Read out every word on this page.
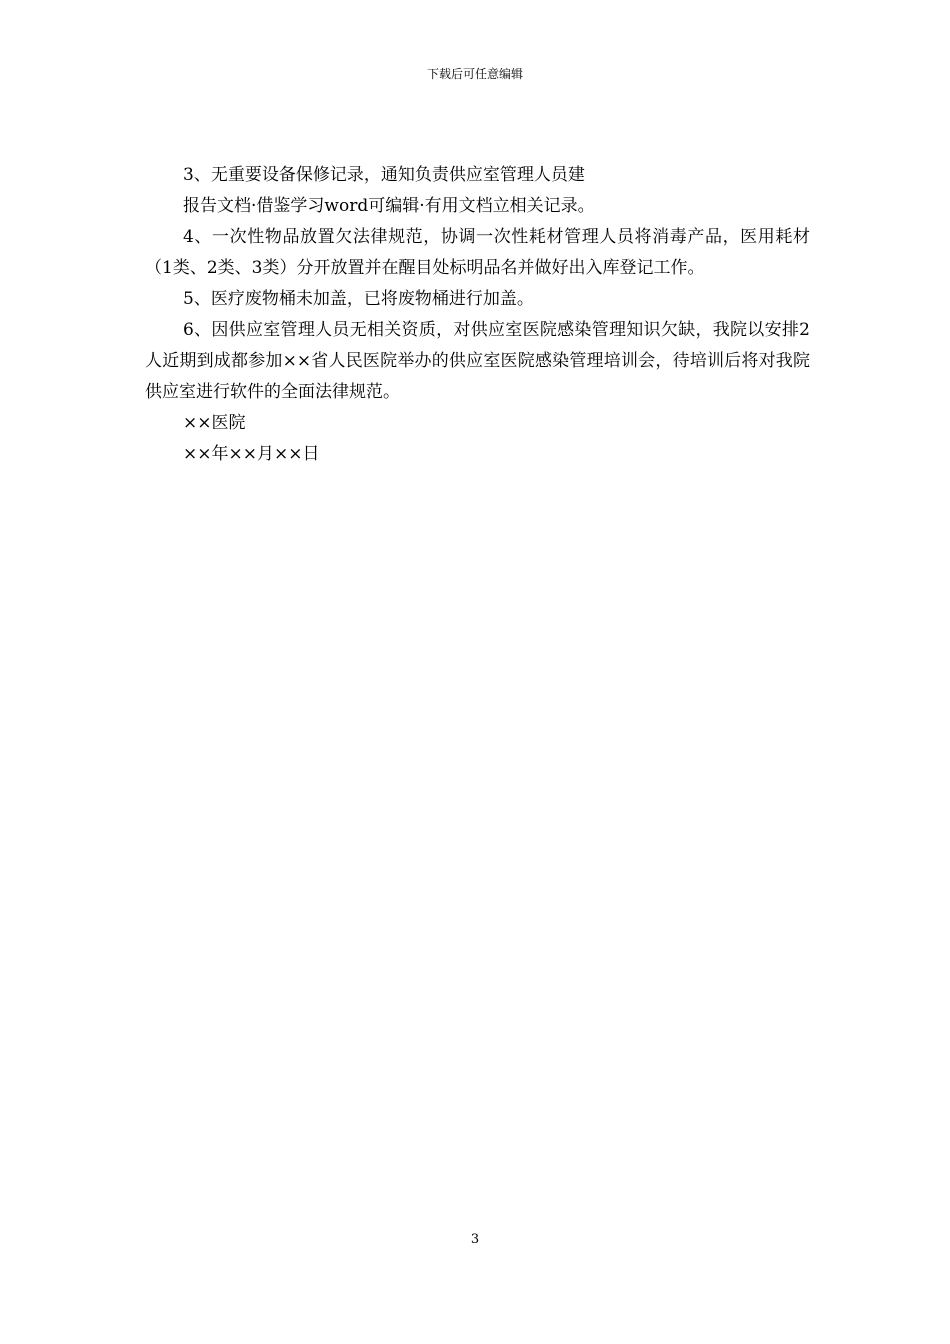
下载后可任意编辑

3、无重要设备保修记录，通知负责供应室管理人员建

报告文档·借鉴学习word可编辑·有用文档立相关记录。

4、一次性物品放置欠法律规范，协调一次性耗材管理人员将消毒产品，医用耗材（1类、2类、3类）分开放置并在醒目处标明品名并做好出入库登记工作。

5、医疗废物桶未加盖，已将废物桶进行加盖。

6、因供应室管理人员无相关资质，对供应室医院感染管理知识欠缺，我院以安排2人近期到成都参加××省人民医院举办的供应室医院感染管理培训会，待培训后将对我院供应室进行软件的全面法律规范。

××医院

××年××月××日

3
